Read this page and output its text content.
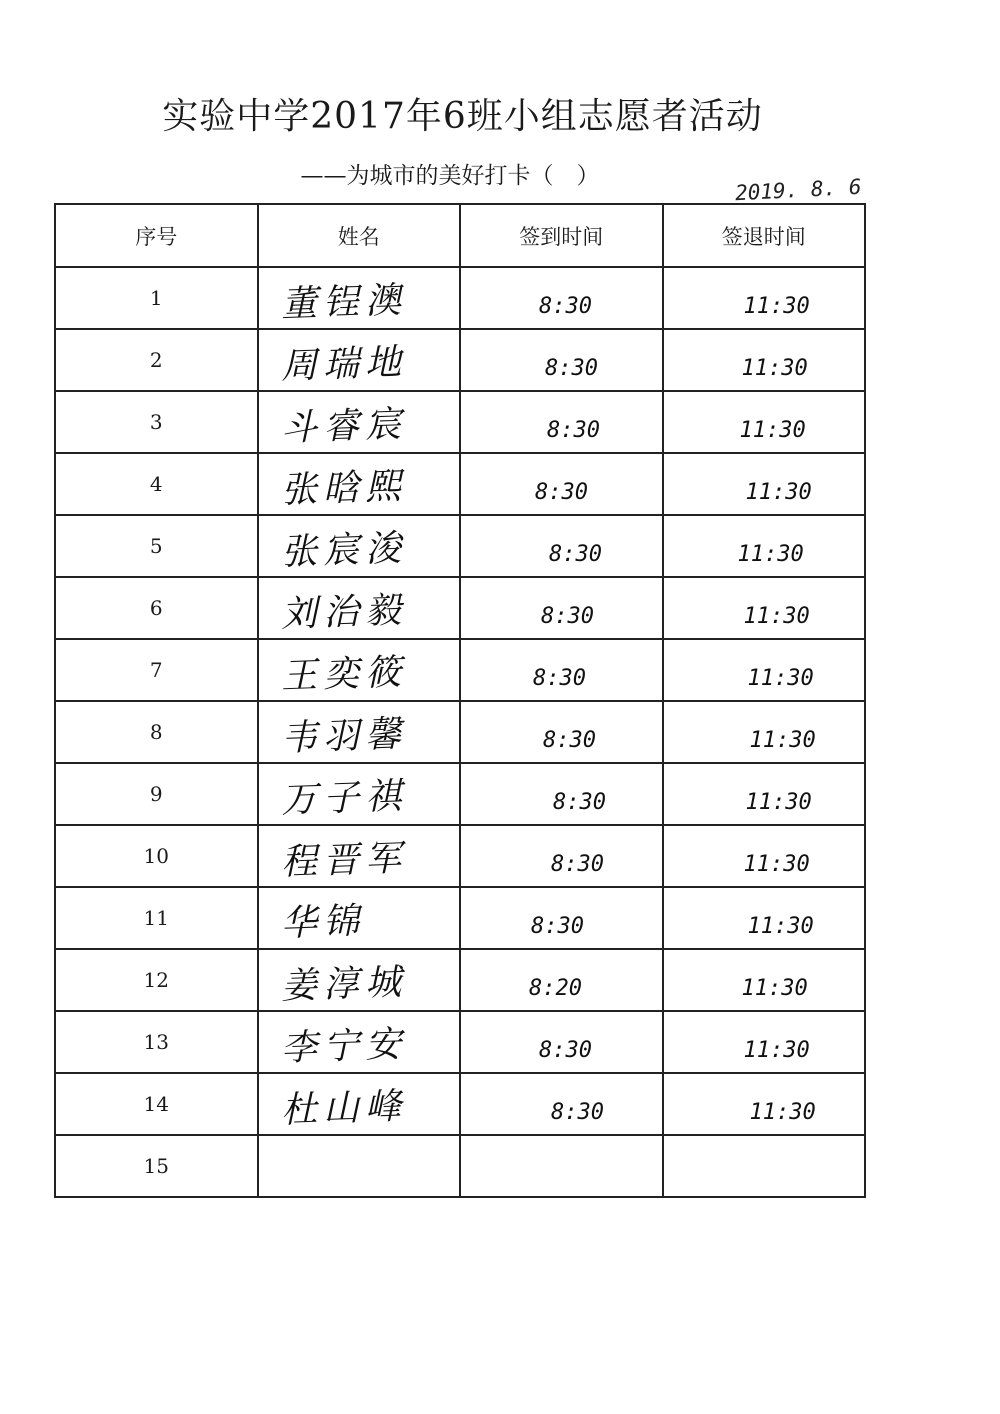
实验中学2017年6班小组志愿者活动
——为城市的美好打卡（　）	2019. 8. 6
序号	姓名	签到时间	签退时间
1	董锃澳	8:30	11:30

2	周瑞地	8:30	11:30

3	斗睿宸	8:30	11:30

4	张晗熙	8:30	11:30

5	张宸浚	8:30	11:30

6	刘治毅	8:30	11:30

7	王奕筱	8:30	11:30

8	韦羽馨	8:30	11:30

9	万子祺	8:30	11:30

10	程晋军	8:30	11:30

11	华锦	8:30	11:30

12	姜淳城	8:20	11:30

13	李宁安	8:30	11:30

14	杜山峰	8:30	11:30

15	
